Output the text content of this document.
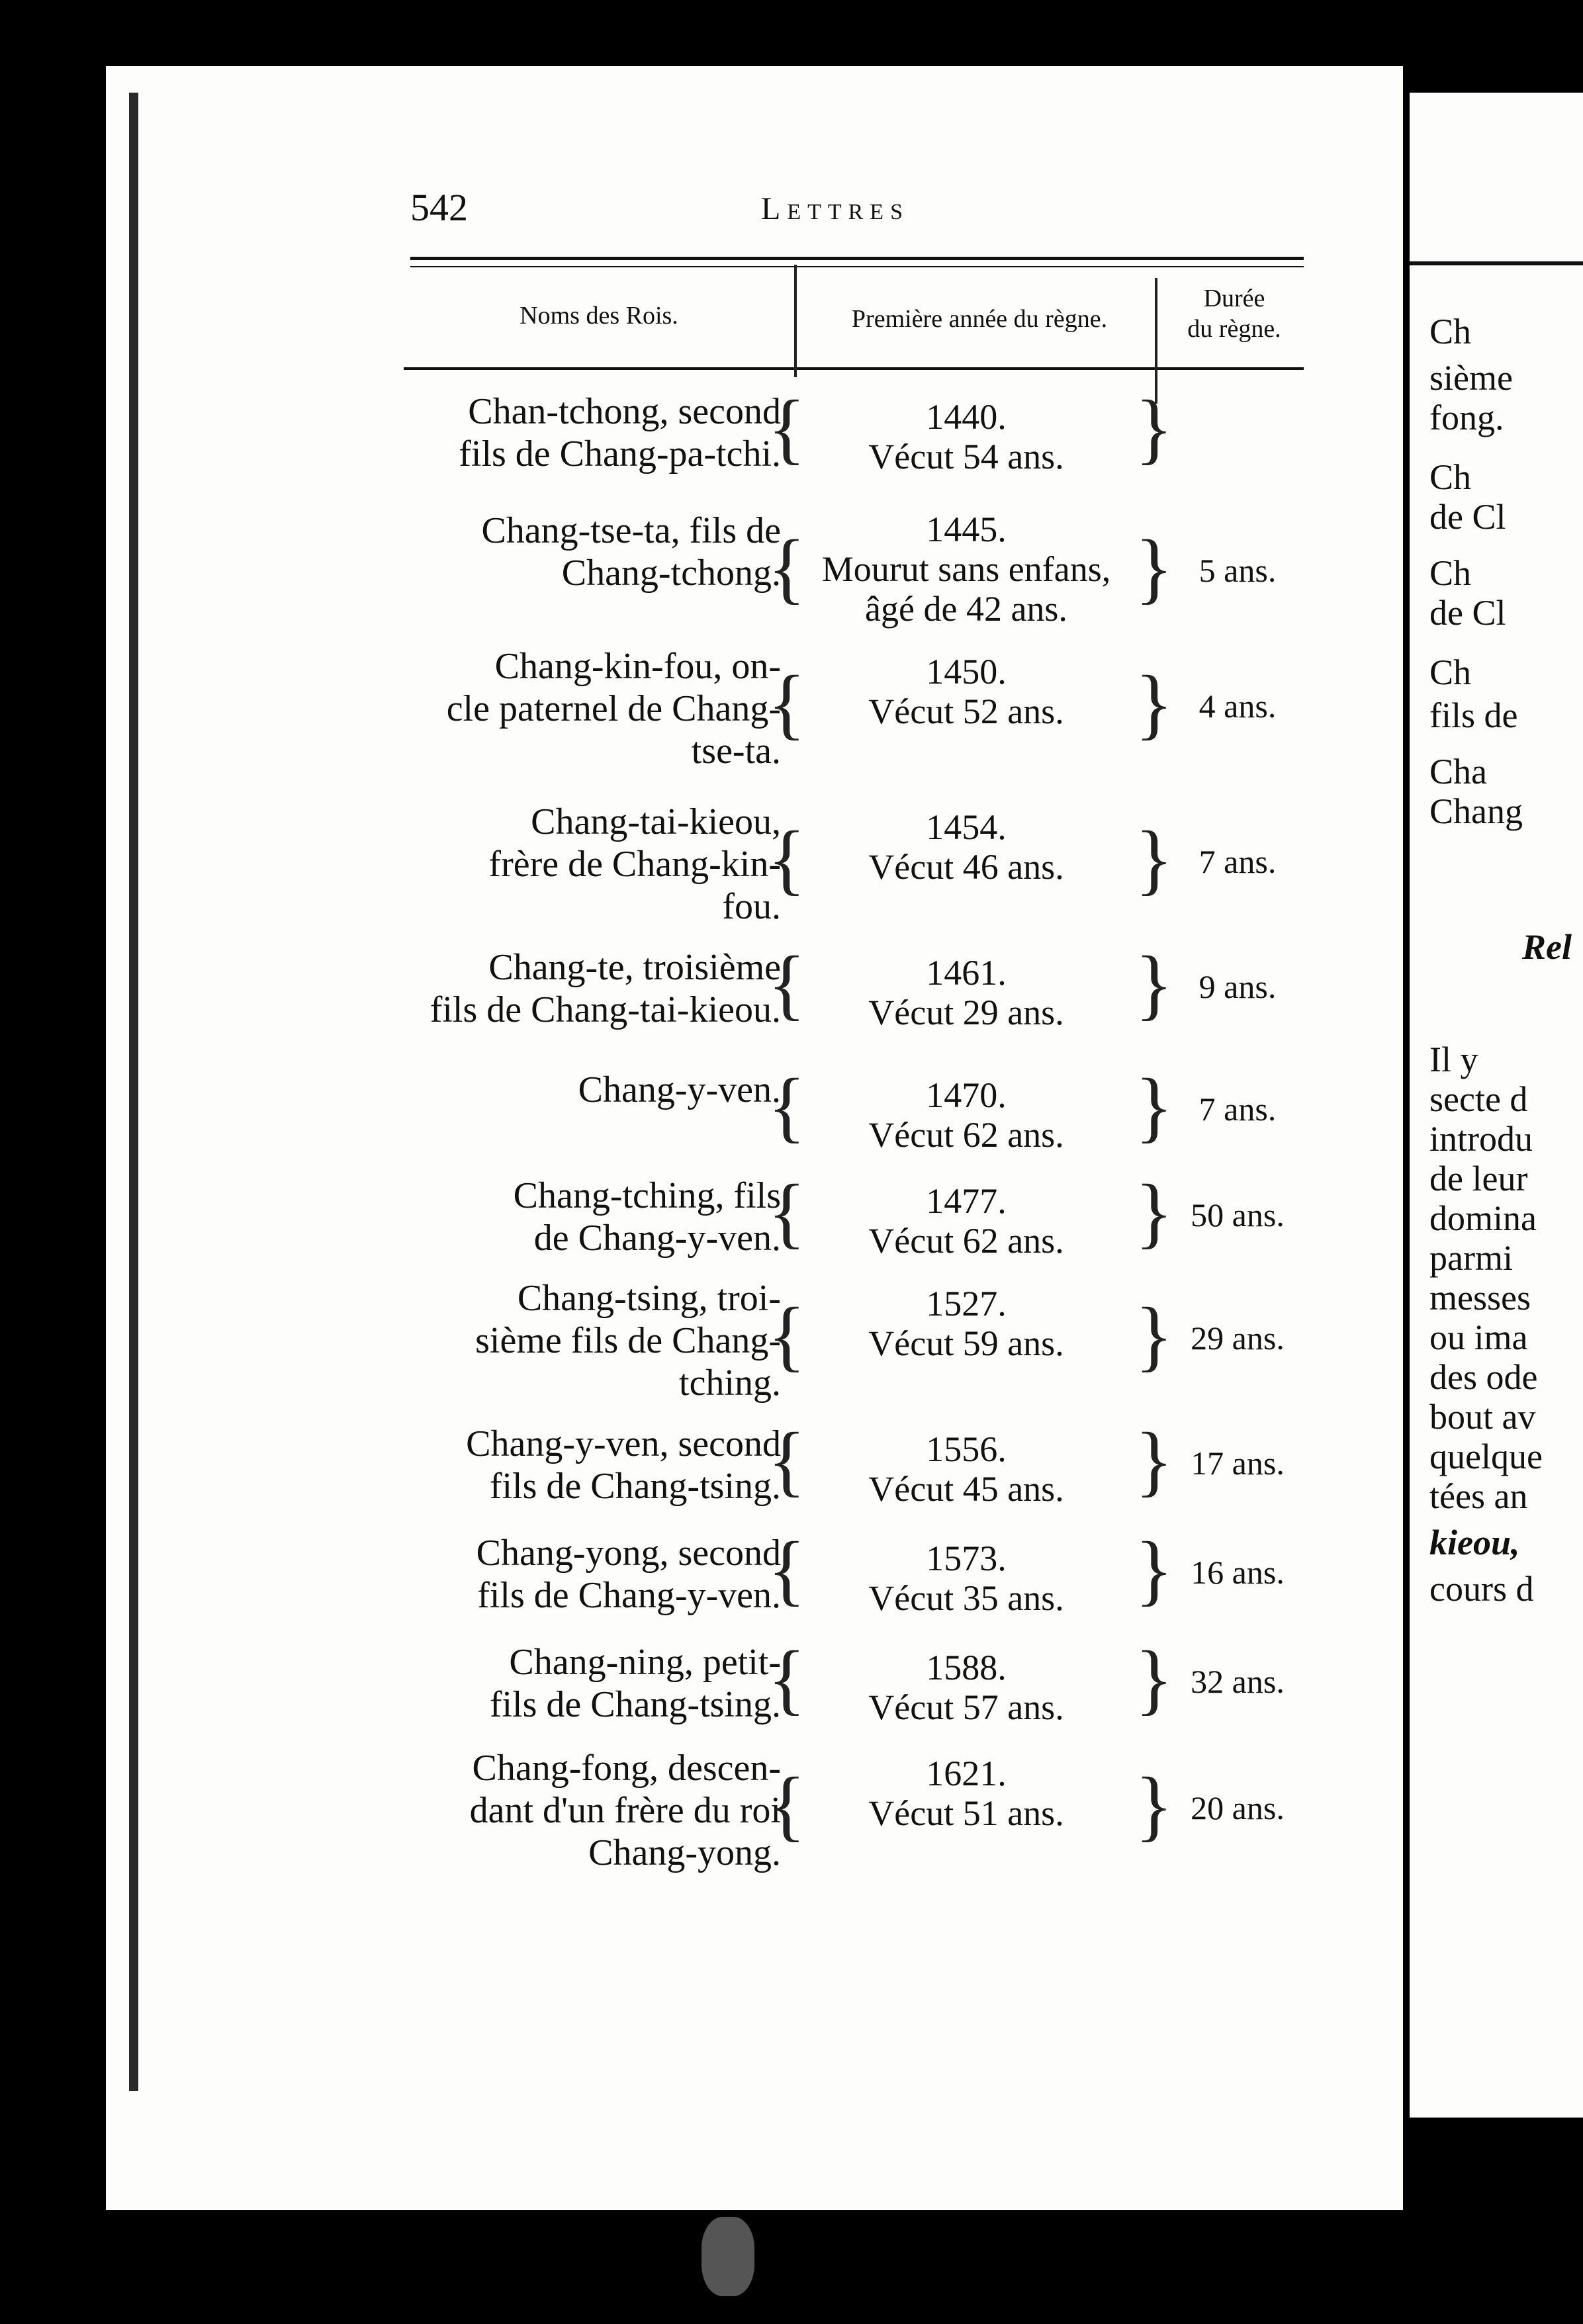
542	Lettres
Noms des Rois.	Première année du règne.
Durée
du règne.
Chan-tchong, second
fils de Chang-pa-tchi.
{	1440.
Vécut 54 ans. }
Chang-tse-ta, fils de
Chang-tchong.
{	1445.
Mourut sans enfans,
âgé de 42 ans. } 5 ans.
Chang-kin-fou, on-
cle paternel de Chang-
tse-ta.
{	1450.
Vécut 52 ans. } 4 ans.
Chang-tai-kieou,
frère de Chang-kin-
fou.
{	1454.
Vécut 46 ans. } 7 ans.
Chang-te, troisième
fils de Chang-tai-kieou.
{	1461.
Vécut 29 ans. } 9 ans.
Chang-y-ven.
{	1470.
Vécut 62 ans. } 7 ans.
Chang-tching, fils
de Chang-y-ven.
{	1477.
Vécut 62 ans. } 50 ans.
Chang-tsing, troi-
sième fils de Chang-
tching.
{	1527.
Vécut 59 ans. } 29 ans.
Chang-y-ven, second
fils de Chang-tsing.
{	1556.
Vécut 45 ans. } 17 ans.
Chang-yong, second
fils de Chang-y-ven.
{	1573.
Vécut 35 ans. } 16 ans.
Chang-ning, petit-
fils de Chang-tsing.
{	1588.
Vécut 57 ans. } 32 ans.
Chang-fong, descen-
dant d'un frère du roi
Chang-yong.
{	1621.
Vécut 51 ans. } 20 ans.
Ch
sième
fong.
Ch
de Cl
Ch
de Cl
Ch
fils de
Cha
Chang
Rel
Il y
secte d
introdu
de leur
domina
parmi
messes
ou ima
des ode
bout av
quelque
tées an
kieou,
cours d
